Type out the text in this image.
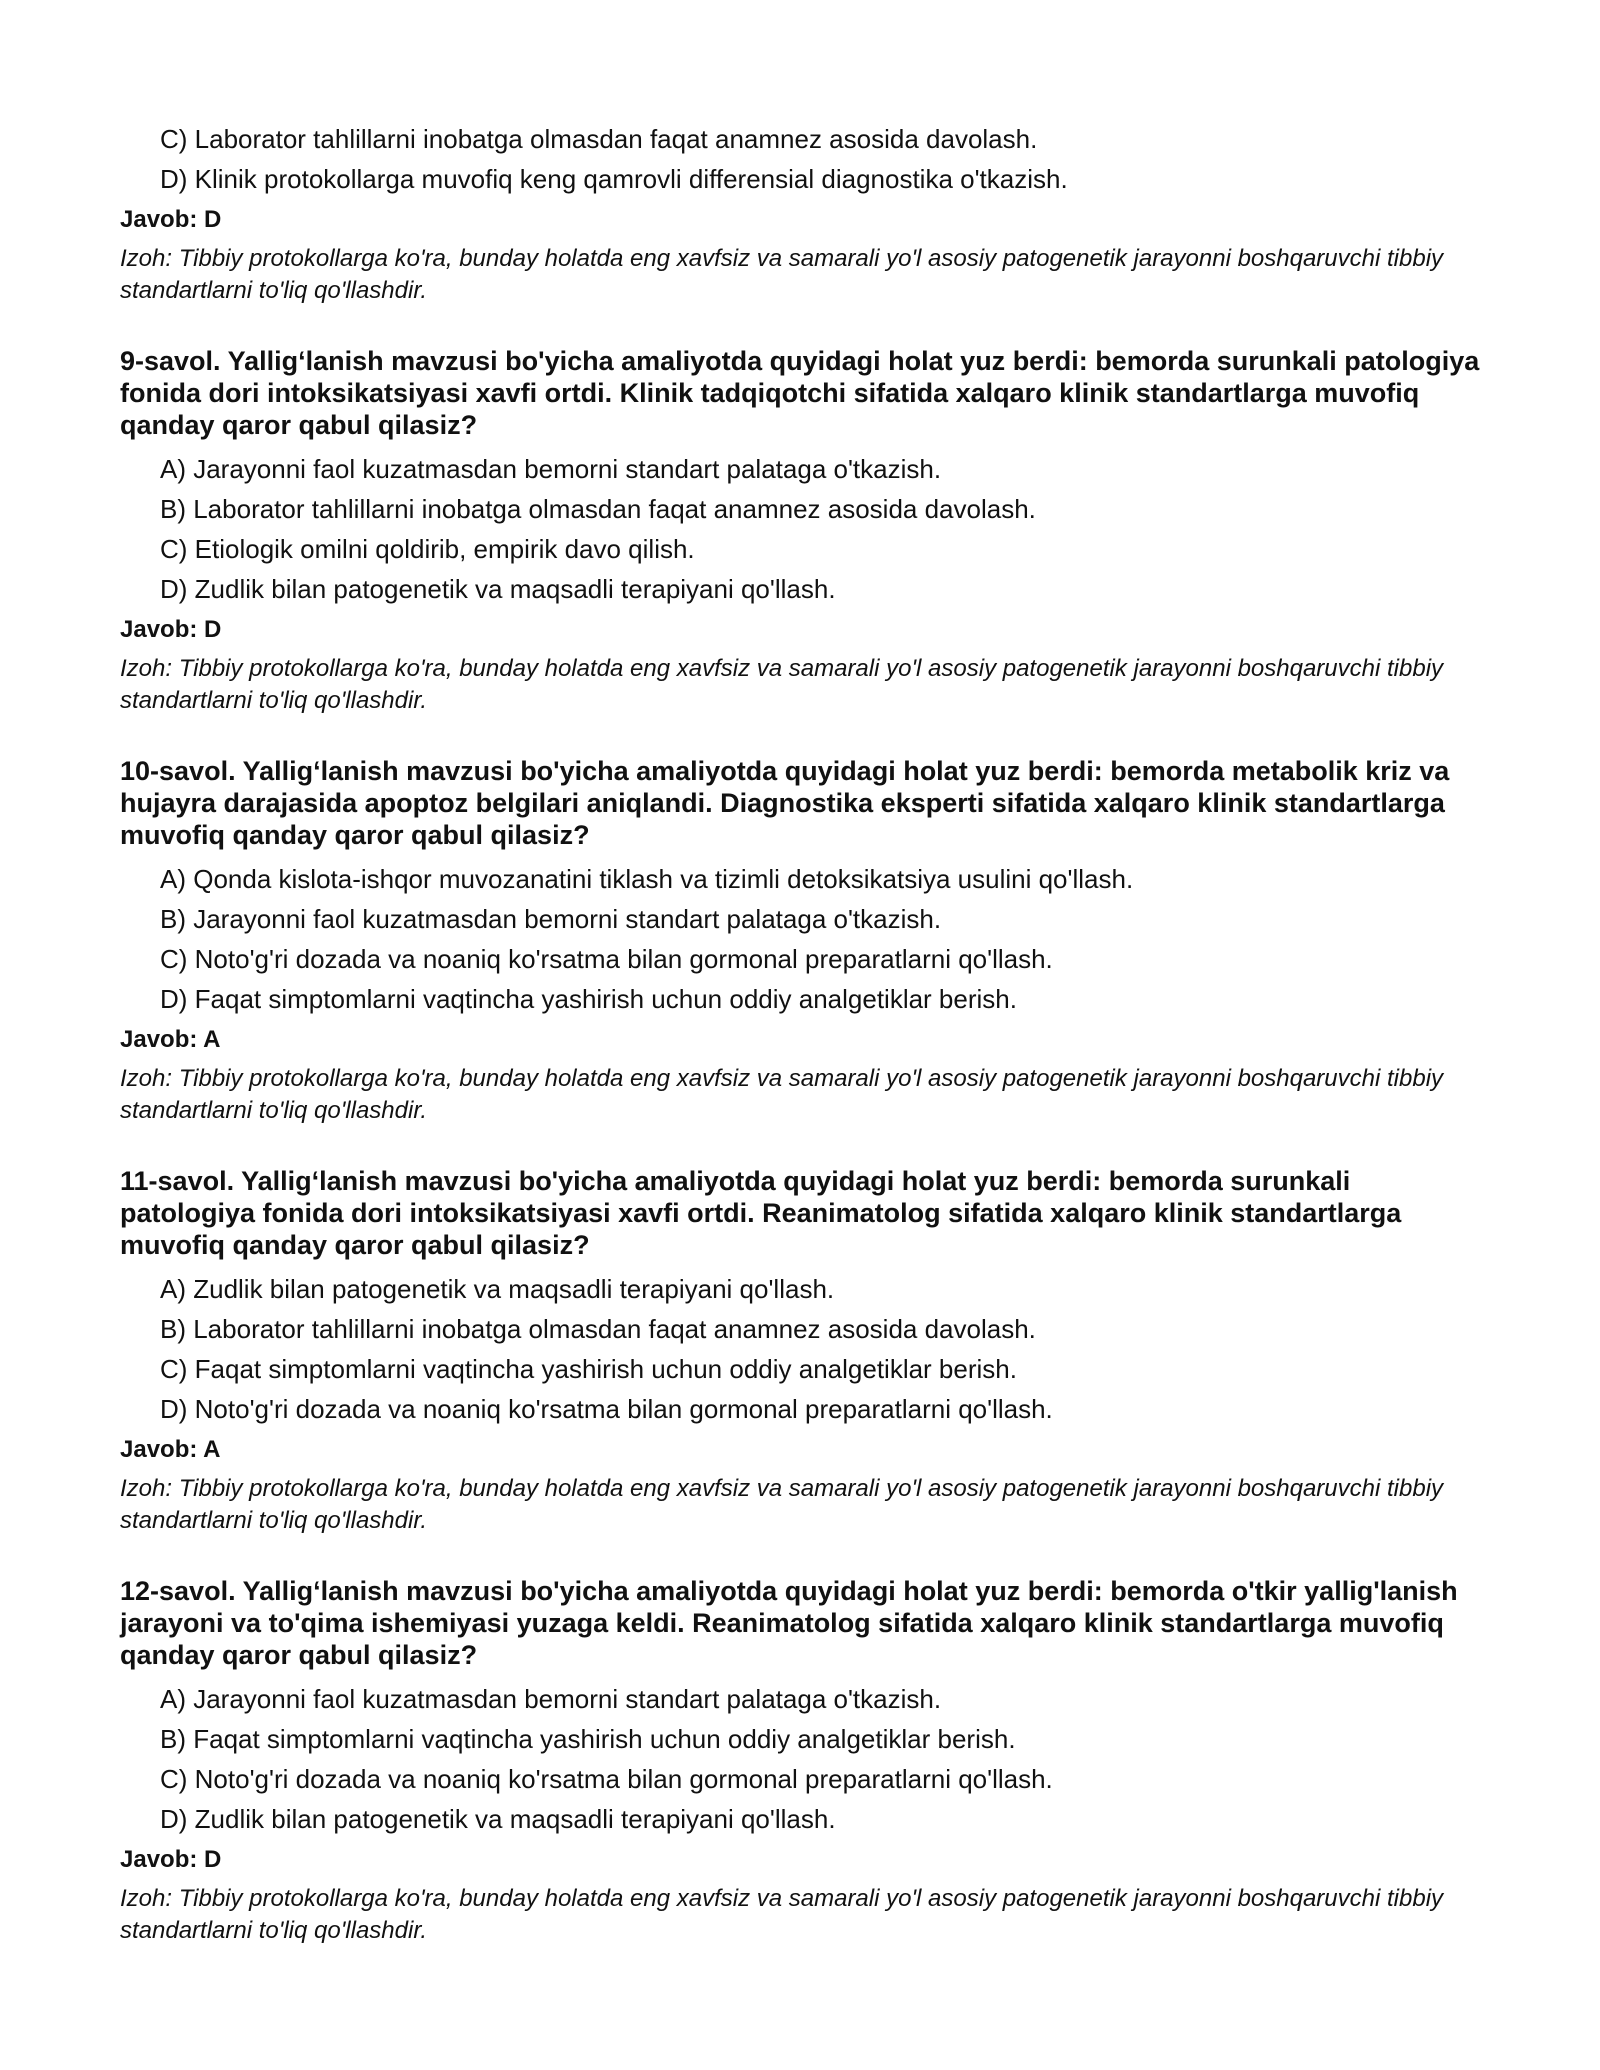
C) Laborator tahlillarni inobatga olmasdan faqat anamnez asosida davolash.

D) Klinik protokollarga muvofiq keng qamrovli differensial diagnostika o'tkazish.

Javob: D

Izoh: Tibbiy protokollarga ko'ra, bunday holatda eng xavfsiz va samarali yo'l asosiy patogenetik jarayonni boshqaruvchi tibbiy standartlarni to'liq qo'llashdir.

9-savol. Yallig‘lanish mavzusi bo'yicha amaliyotda quyidagi holat yuz berdi: bemorda surunkali patologiya fonida dori intoksikatsiyasi xavfi ortdi. Klinik tadqiqotchi sifatida xalqaro klinik standartlarga muvofiq qanday qaror qabul qilasiz?

A) Jarayonni faol kuzatmasdan bemorni standart palataga o'tkazish.

B) Laborator tahlillarni inobatga olmasdan faqat anamnez asosida davolash.

C) Etiologik omilni qoldirib, empirik davo qilish.

D) Zudlik bilan patogenetik va maqsadli terapiyani qo'llash.

Javob: D

Izoh: Tibbiy protokollarga ko'ra, bunday holatda eng xavfsiz va samarali yo'l asosiy patogenetik jarayonni boshqaruvchi tibbiy standartlarni to'liq qo'llashdir.

10-savol. Yallig‘lanish mavzusi bo'yicha amaliyotda quyidagi holat yuz berdi: bemorda metabolik kriz va hujayra darajasida apoptoz belgilari aniqlandi. Diagnostika eksperti sifatida xalqaro klinik standartlarga muvofiq qanday qaror qabul qilasiz?

A) Qonda kislota-ishqor muvozanatini tiklash va tizimli detoksikatsiya usulini qo'llash.

B) Jarayonni faol kuzatmasdan bemorni standart palataga o'tkazish.

C) Noto'g'ri dozada va noaniq ko'rsatma bilan gormonal preparatlarni qo'llash.

D) Faqat simptomlarni vaqtincha yashirish uchun oddiy analgetiklar berish.

Javob: A

Izoh: Tibbiy protokollarga ko'ra, bunday holatda eng xavfsiz va samarali yo'l asosiy patogenetik jarayonni boshqaruvchi tibbiy standartlarni to'liq qo'llashdir.

11-savol. Yallig‘lanish mavzusi bo'yicha amaliyotda quyidagi holat yuz berdi: bemorda surunkali patologiya fonida dori intoksikatsiyasi xavfi ortdi. Reanimatolog sifatida xalqaro klinik standartlarga muvofiq qanday qaror qabul qilasiz?

A) Zudlik bilan patogenetik va maqsadli terapiyani qo'llash.

B) Laborator tahlillarni inobatga olmasdan faqat anamnez asosida davolash.

C) Faqat simptomlarni vaqtincha yashirish uchun oddiy analgetiklar berish.

D) Noto'g'ri dozada va noaniq ko'rsatma bilan gormonal preparatlarni qo'llash.

Javob: A

Izoh: Tibbiy protokollarga ko'ra, bunday holatda eng xavfsiz va samarali yo'l asosiy patogenetik jarayonni boshqaruvchi tibbiy standartlarni to'liq qo'llashdir.

12-savol. Yallig‘lanish mavzusi bo'yicha amaliyotda quyidagi holat yuz berdi: bemorda o'tkir yallig'lanish jarayoni va to'qima ishemiyasi yuzaga keldi. Reanimatolog sifatida xalqaro klinik standartlarga muvofiq qanday qaror qabul qilasiz?

A) Jarayonni faol kuzatmasdan bemorni standart palataga o'tkazish.

B) Faqat simptomlarni vaqtincha yashirish uchun oddiy analgetiklar berish.

C) Noto'g'ri dozada va noaniq ko'rsatma bilan gormonal preparatlarni qo'llash.

D) Zudlik bilan patogenetik va maqsadli terapiyani qo'llash.

Javob: D

Izoh: Tibbiy protokollarga ko'ra, bunday holatda eng xavfsiz va samarali yo'l asosiy patogenetik jarayonni boshqaruvchi tibbiy standartlarni to'liq qo'llashdir.
